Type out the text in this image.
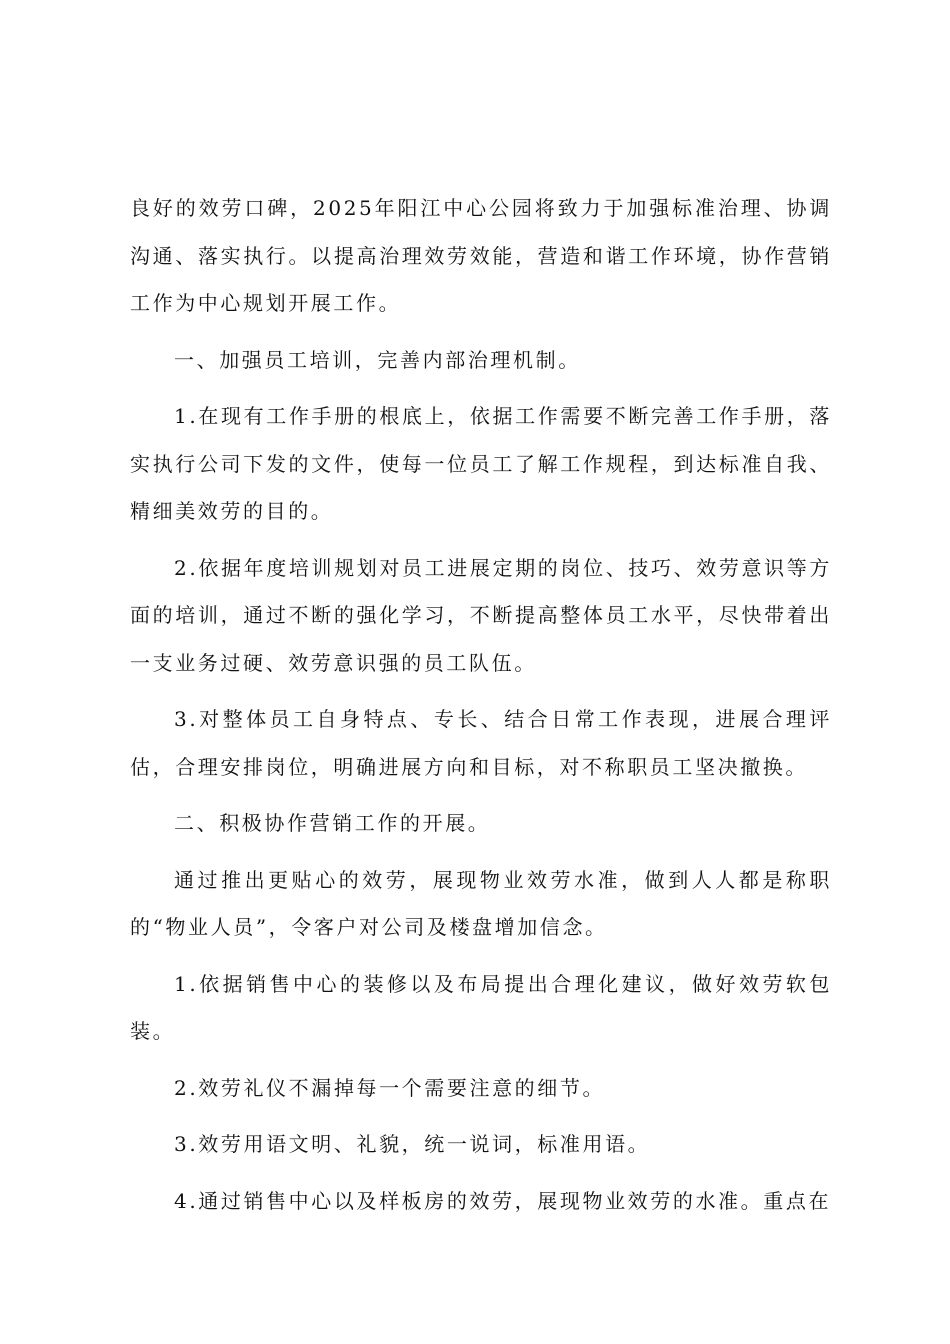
良好的效劳口碑，2025年阳江中心公园将致力于加强标准治理、协调沟通、落实执行。以提高治理效劳效能，营造和谐工作环境，协作营销工作为中心规划开展工作。

一、加强员工培训，完善内部治理机制。

1.在现有工作手册的根底上，依据工作需要不断完善工作手册，落实执行公司下发的文件，使每一位员工了解工作规程，到达标准自我、精细美效劳的目的。

2.依据年度培训规划对员工进展定期的岗位、技巧、效劳意识等方面的培训，通过不断的强化学习，不断提高整体员工水平，尽快带着出一支业务过硬、效劳意识强的员工队伍。

3.对整体员工自身特点、专长、结合日常工作表现，进展合理评估，合理安排岗位，明确进展方向和目标，对不称职员工坚决撤换。

二、积极协作营销工作的开展。

通过推出更贴心的效劳，展现物业效劳水准，做到人人都是称职的“物业人员”，令客户对公司及楼盘增加信念。

1.依据销售中心的装修以及布局提出合理化建议，做好效劳软包装。

2.效劳礼仪不漏掉每一个需要注意的细节。

3.效劳用语文明、礼貌，统一说词，标准用语。

4.通过销售中心以及样板房的效劳，展现物业效劳的水准。重点在
